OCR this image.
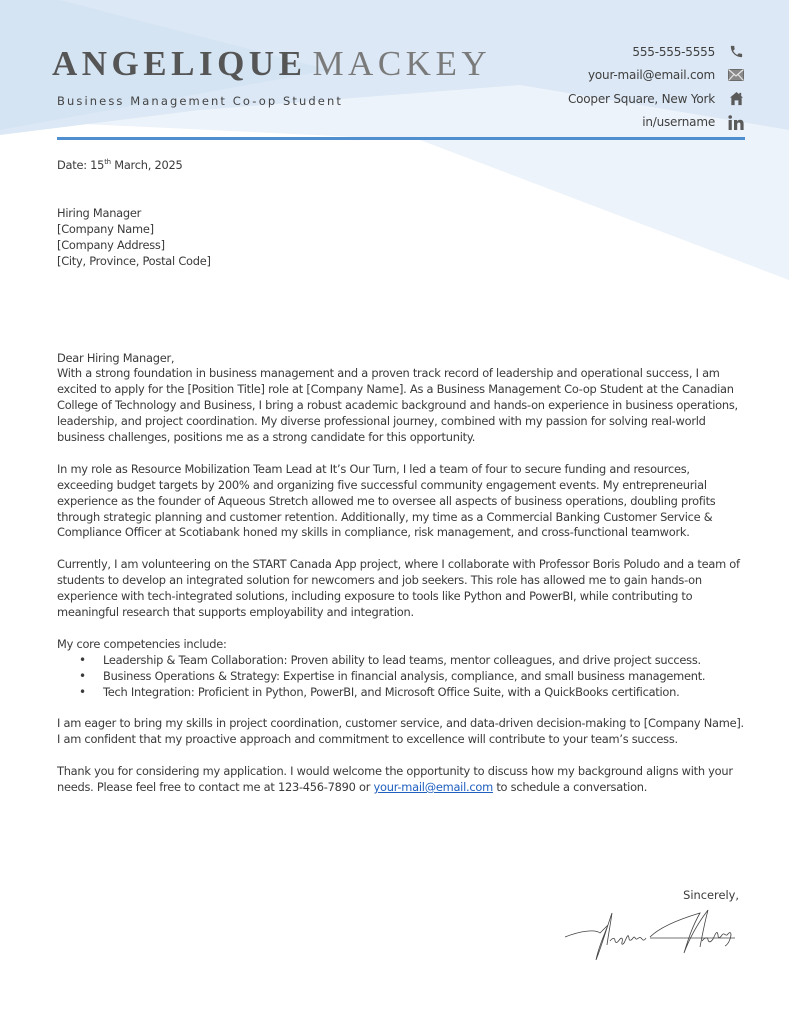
ANGELIQUE MACKEY
Business Management Co-op Student
555-555-5555
your-mail@email.com
Cooper Square, New York
in/username

Date: 15th March, 2025

Hiring Manager

[Company Name]

[Company Address]

[City, Province, Postal Code]

Dear Hiring Manager,

With a strong foundation in business management and a proven track record of leadership and operational success, I am excited to apply for the [Position Title] role at [Company Name]. As a Business Management Co-op Student at the Canadian College of Technology and Business, I bring a robust academic background and hands-on experience in business operations, leadership, and project coordination. My diverse professional journey, combined with my passion for solving real-world business challenges, positions me as a strong candidate for this opportunity.

In my role as Resource Mobilization Team Lead at It’s Our Turn, I led a team of four to secure funding and resources, exceeding budget targets by 200% and organizing five successful community engagement events. My entrepreneurial experience as the founder of Aqueous Stretch allowed me to oversee all aspects of business operations, doubling profits through strategic planning and customer retention. Additionally, my time as a Commercial Banking Customer Service & Compliance Officer at Scotiabank honed my skills in compliance, risk management, and cross-functional teamwork.

Currently, I am volunteering on the START Canada App project, where I collaborate with Professor Boris Poludo and a team of students to develop an integrated solution for newcomers and job seekers. This role has allowed me to gain hands-on experience with tech-integrated solutions, including exposure to tools like Python and PowerBI, while contributing to meaningful research that supports employability and integration.

My core competencies include:

• Leadership & Team Collaboration: Proven ability to lead teams, mentor colleagues, and drive project success.
• Business Operations & Strategy: Expertise in financial analysis, compliance, and small business management.
• Tech Integration: Proficient in Python, PowerBI, and Microsoft Office Suite, with a QuickBooks certification.

I am eager to bring my skills in project coordination, customer service, and data-driven decision-making to [Company Name]. I am confident that my proactive approach and commitment to excellence will contribute to your team’s success.

Thank you for considering my application. I would welcome the opportunity to discuss how my background aligns with your needs. Please feel free to contact me at 123-456-7890 or your-mail@email.com to schedule a conversation.

Sincerely,
